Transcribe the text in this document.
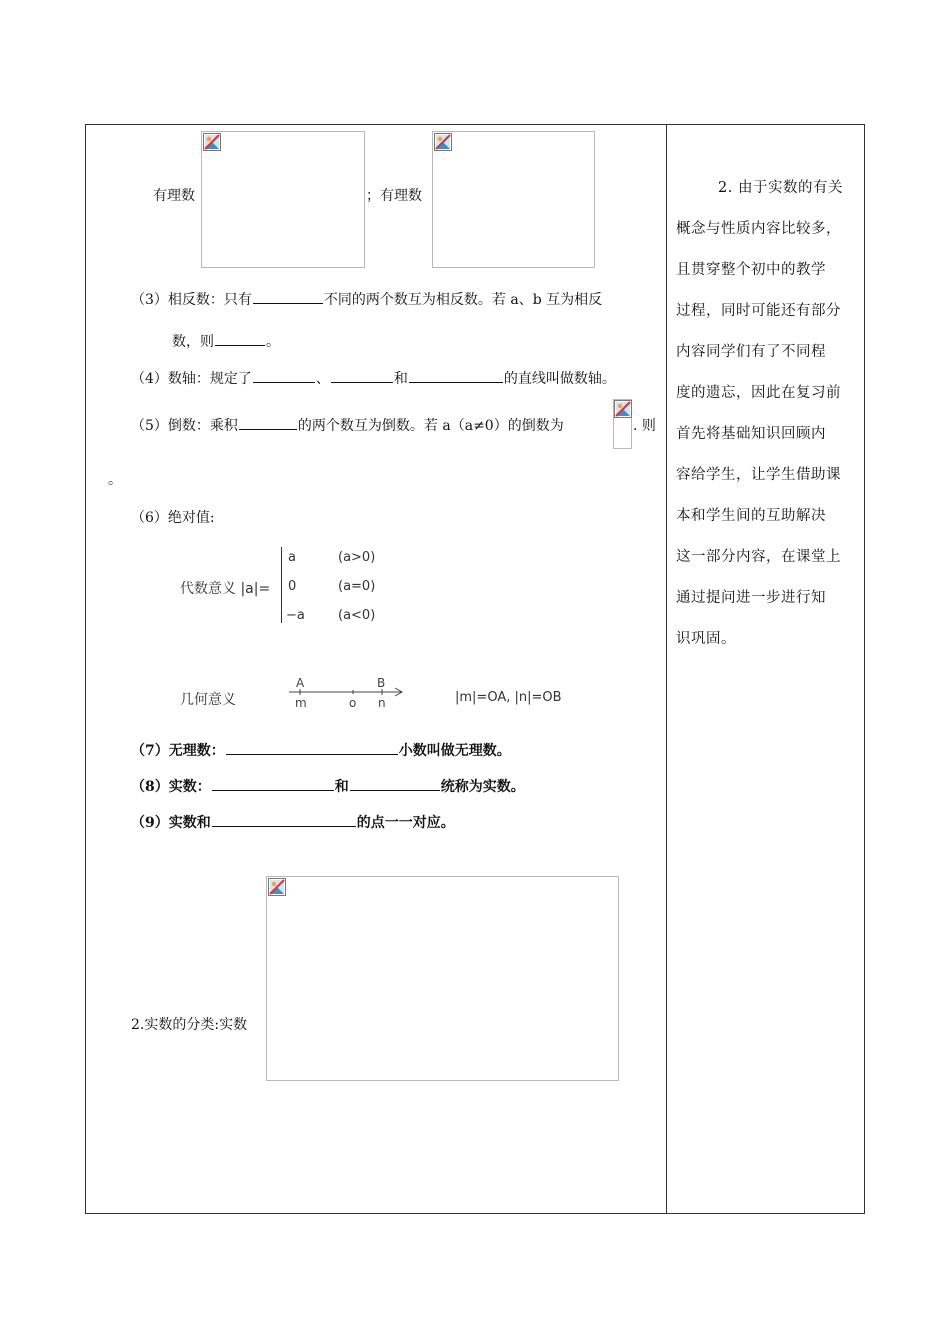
有理数	；有理数
（3）相反数：只有	不同的两个数互为相反数。若 a、b 互为相反
数，则	。
（4）数轴：规定了	、	和	的直线叫做数轴。
（5）倒数：乘积	的两个数互为倒数。若 a（a≠0）的倒数为	. 则
。
（6）绝对值:
代数意义 |a|=
a	(a>0)
0	(a=0)
−a	(a<0)
几何意义
A	B
m	o n	|m|=OA, |n|=OB
（7）无理数：	小数叫做无理数。
（8）实数：	和	统称为实数。
（9）实数和	的点一一对应。
2.实数的分类:实数
2. 由于实数的有关
概念与性质内容比较多，
且贯穿整个初中的教学
过程，同时可能还有部分
内容同学们有了不同程
度的遗忘，因此在复习前
首先将基础知识回顾内
容给学生，让学生借助课
本和学生间的互助解决
这一部分内容，在课堂上
通过提问进一步进行知
识巩固。
